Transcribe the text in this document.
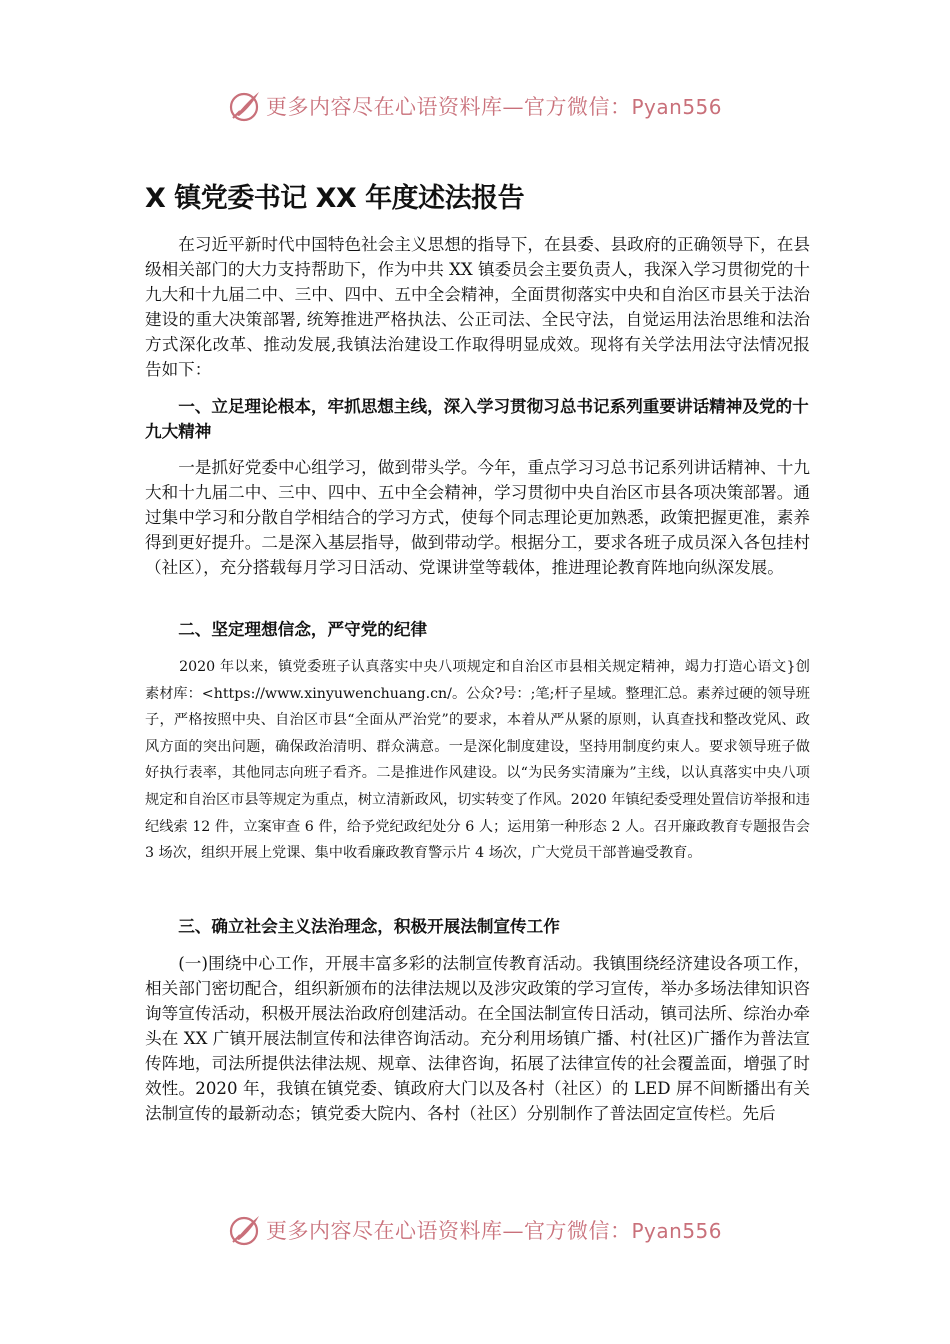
更多内容尽在心语资料库—官方微信：Pyan556
X 镇党委书记 XX 年度述法报告

在习近平新时代中国特色社会主义思想的指导下，在县委、县政府的正确领导下，在县级相关部门的大力支持帮助下，作为中共 XX 镇委员会主要负责人，我深入学习贯彻党的十九大和十九届二中、三中、四中、五中全会精神，全面贯彻落实中央和自治区市县关于法治建设的重大决策部署, 统筹推进严格执法、公正司法、全民守法，自觉运用法治思维和法治方式深化改革、推动发展,我镇法治建设工作取得明显成效。现将有关学法用法守法情况报告如下：

一、立足理论根本，牢抓思想主线，深入学习贯彻习总书记系列重要讲话精神及党的十九大精神

一是抓好党委中心组学习，做到带头学。今年，重点学习习总书记系列讲话精神、十九大和十九届二中、三中、四中、五中全会精神，学习贯彻中央自治区市县各项决策部署。通过集中学习和分散自学相结合的学习方式，使每个同志理论更加熟悉，政策把握更准，素养得到更好提升。二是深入基层指导，做到带动学。根据分工，要求各班子成员深入各包挂村（社区），充分搭载每月学习日活动、党课讲堂等载体，推进理论教育阵地向纵深发展。

二、坚定理想信念，严守党的纪律

2020 年以来，镇党委班子认真落实中央八项规定和自治区市县相关规定精神，竭力打造心语文}创素材库：<https://www.xinyuwenchuang.cn/。公众?号：;笔;杆子星域。整理汇总。素养过硬的领导班子，严格按照中央、自治区市县“全面从严治党”的要求，本着从严从紧的原则，认真查找和整改党风、政风方面的突出问题，确保政治清明、群众满意。一是深化制度建设，坚持用制度约束人。要求领导班子做好执行表率，其他同志向班子看齐。二是推进作风建设。以“为民务实清廉为”主线，以认真落实中央八项规定和自治区市县等规定为重点，树立清新政风，切实转变了作风。2020 年镇纪委受理处置信访举报和违纪线索 12 件，立案审查 6 件，给予党纪政纪处分 6 人；运用第一种形态 2 人。召开廉政教育专题报告会 3 场次，组织开展上党课、集中收看廉政教育警示片 4 场次，广大党员干部普遍受教育。

三、确立社会主义法治理念，积极开展法制宣传工作

(一)围绕中心工作，开展丰富多彩的法制宣传教育活动。我镇围绕经济建设各项工作，相关部门密切配合，组织新颁布的法律法规以及涉灾政策的学习宣传，举办多场法律知识咨询等宣传活动，积极开展法治政府创建活动。在全国法制宣传日活动，镇司法所、综治办牵头在 XX 广镇开展法制宣传和法律咨询活动。充分利用场镇广播、村(社区)广播作为普法宣传阵地，司法所提供法律法规、规章、法律咨询，拓展了法律宣传的社会覆盖面，增强了时效性。2020 年，我镇在镇党委、镇政府大门以及各村（社区）的 LED 屏不间断播出有关法制宣传的最新动态；镇党委大院内、各村（社区）分别制作了普法固定宣传栏。先后

更多内容尽在心语资料库—官方微信：Pyan556
